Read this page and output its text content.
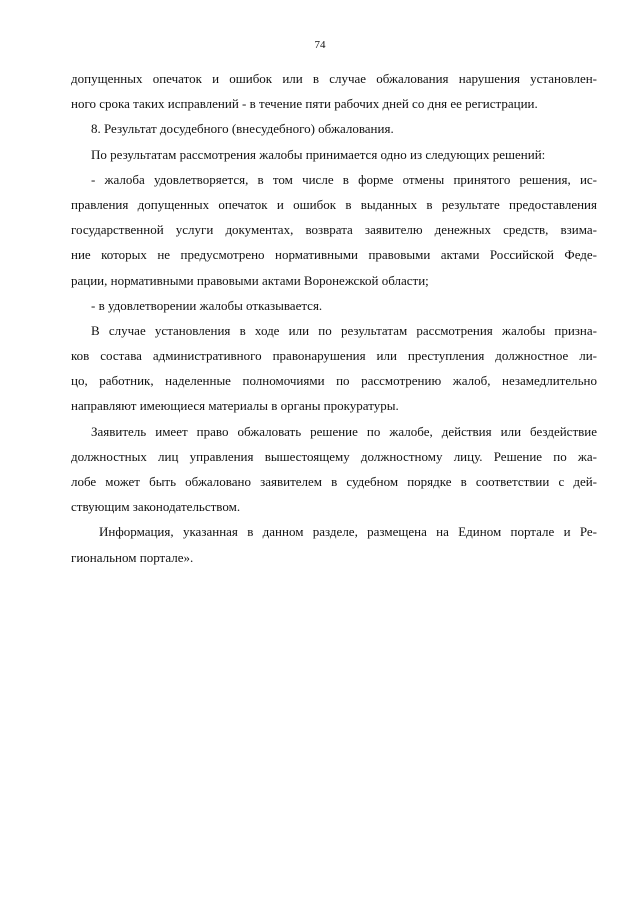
74
допущенных опечаток и ошибок или в случае обжалования нарушения установлен-
ного срока таких исправлений - в течение пяти рабочих дней со дня ее регистрации.
8. Результат досудебного (внесудебного) обжалования.
По результатам рассмотрения жалобы принимается одно из следующих решений:
- жалоба удовлетворяется, в том числе в форме отмены принятого решения, ис-
правления допущенных опечаток и ошибок в выданных в результате предоставления
государственной услуги документах, возврата заявителю денежных средств, взима-
ние которых не предусмотрено нормативными правовыми актами Российской Феде-
рации, нормативными правовыми актами Воронежской области;
- в удовлетворении жалобы отказывается.
В случае установления в ходе или по результатам рассмотрения жалобы призна-
ков состава административного правонарушения или преступления должностное ли-
цо, работник, наделенные полномочиями по рассмотрению жалоб, незамедлительно
направляют имеющиеся материалы в органы прокуратуры.
Заявитель имеет право обжаловать решение по жалобе, действия или бездействие
должностных лиц управления вышестоящему должностному лицу. Решение по жа-
лобе может быть обжаловано заявителем в судебном порядке в соответствии с дей-
ствующим законодательством.
Информация, указанная в данном разделе, размещена на Едином портале и Ре-
гиональном портале».
